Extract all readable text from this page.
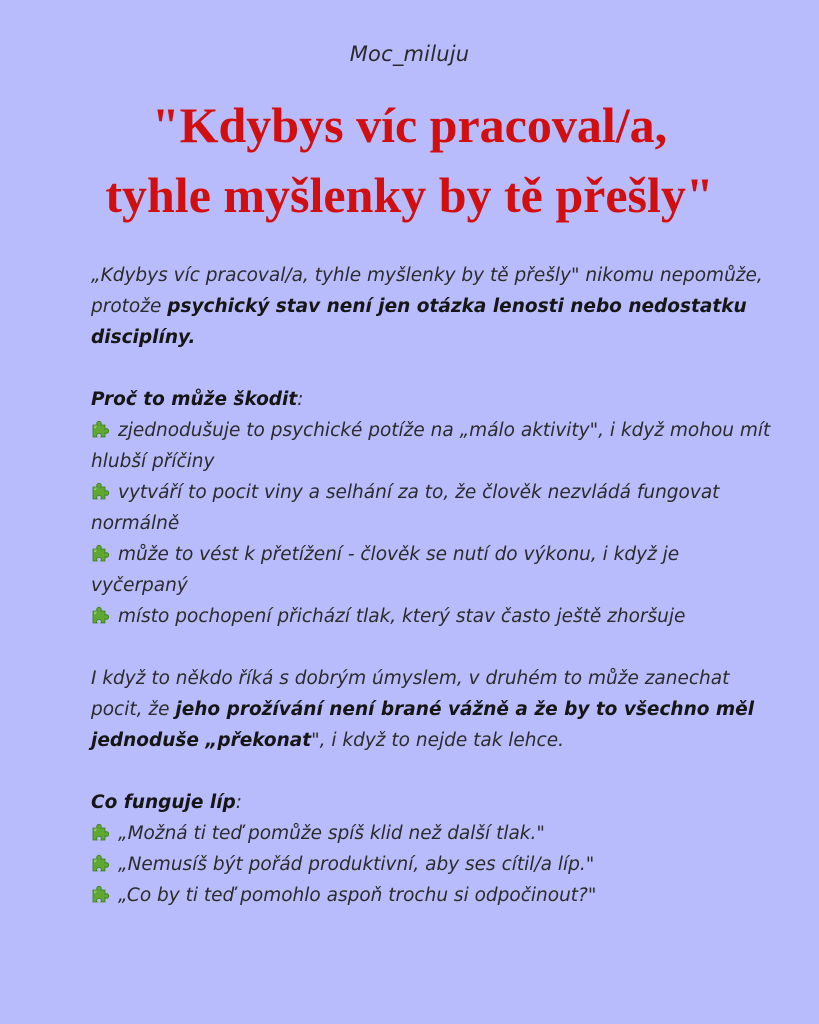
Moc_miluju
"Kdybys víc pracoval/a,
tyhle myšlenky by tě přešly"

„Kdybys víc pracoval/a, tyhle myšlenky by tě přešly" nikomu nepomůže, protože psychický stav není jen otázka lenosti nebo nedostatku disciplíny.

Proč to může škodit:
zjednodušuje to psychické potíže na „málo aktivity", i když mohou mít hlubší příčiny
vytváří to pocit viny a selhání za to, že člověk nezvládá fungovat normálně
může to vést k přetížení - člověk se nutí do výkonu, i když je vyčerpaný
místo pochopení přichází tlak, který stav často ještě zhoršuje

I když to někdo říká s dobrým úmyslem, v druhém to může zanechat pocit, že jeho prožívání není brané vážně a že by to všechno měl jednoduše „překonat", i když to nejde tak lehce.

Co funguje líp:
„Možná ti teď pomůže spíš klid než další tlak."
„Nemusíš být pořád produktivní, aby ses cítil/a líp."
„Co by ti teď pomohlo aspoň trochu si odpočinout?"
